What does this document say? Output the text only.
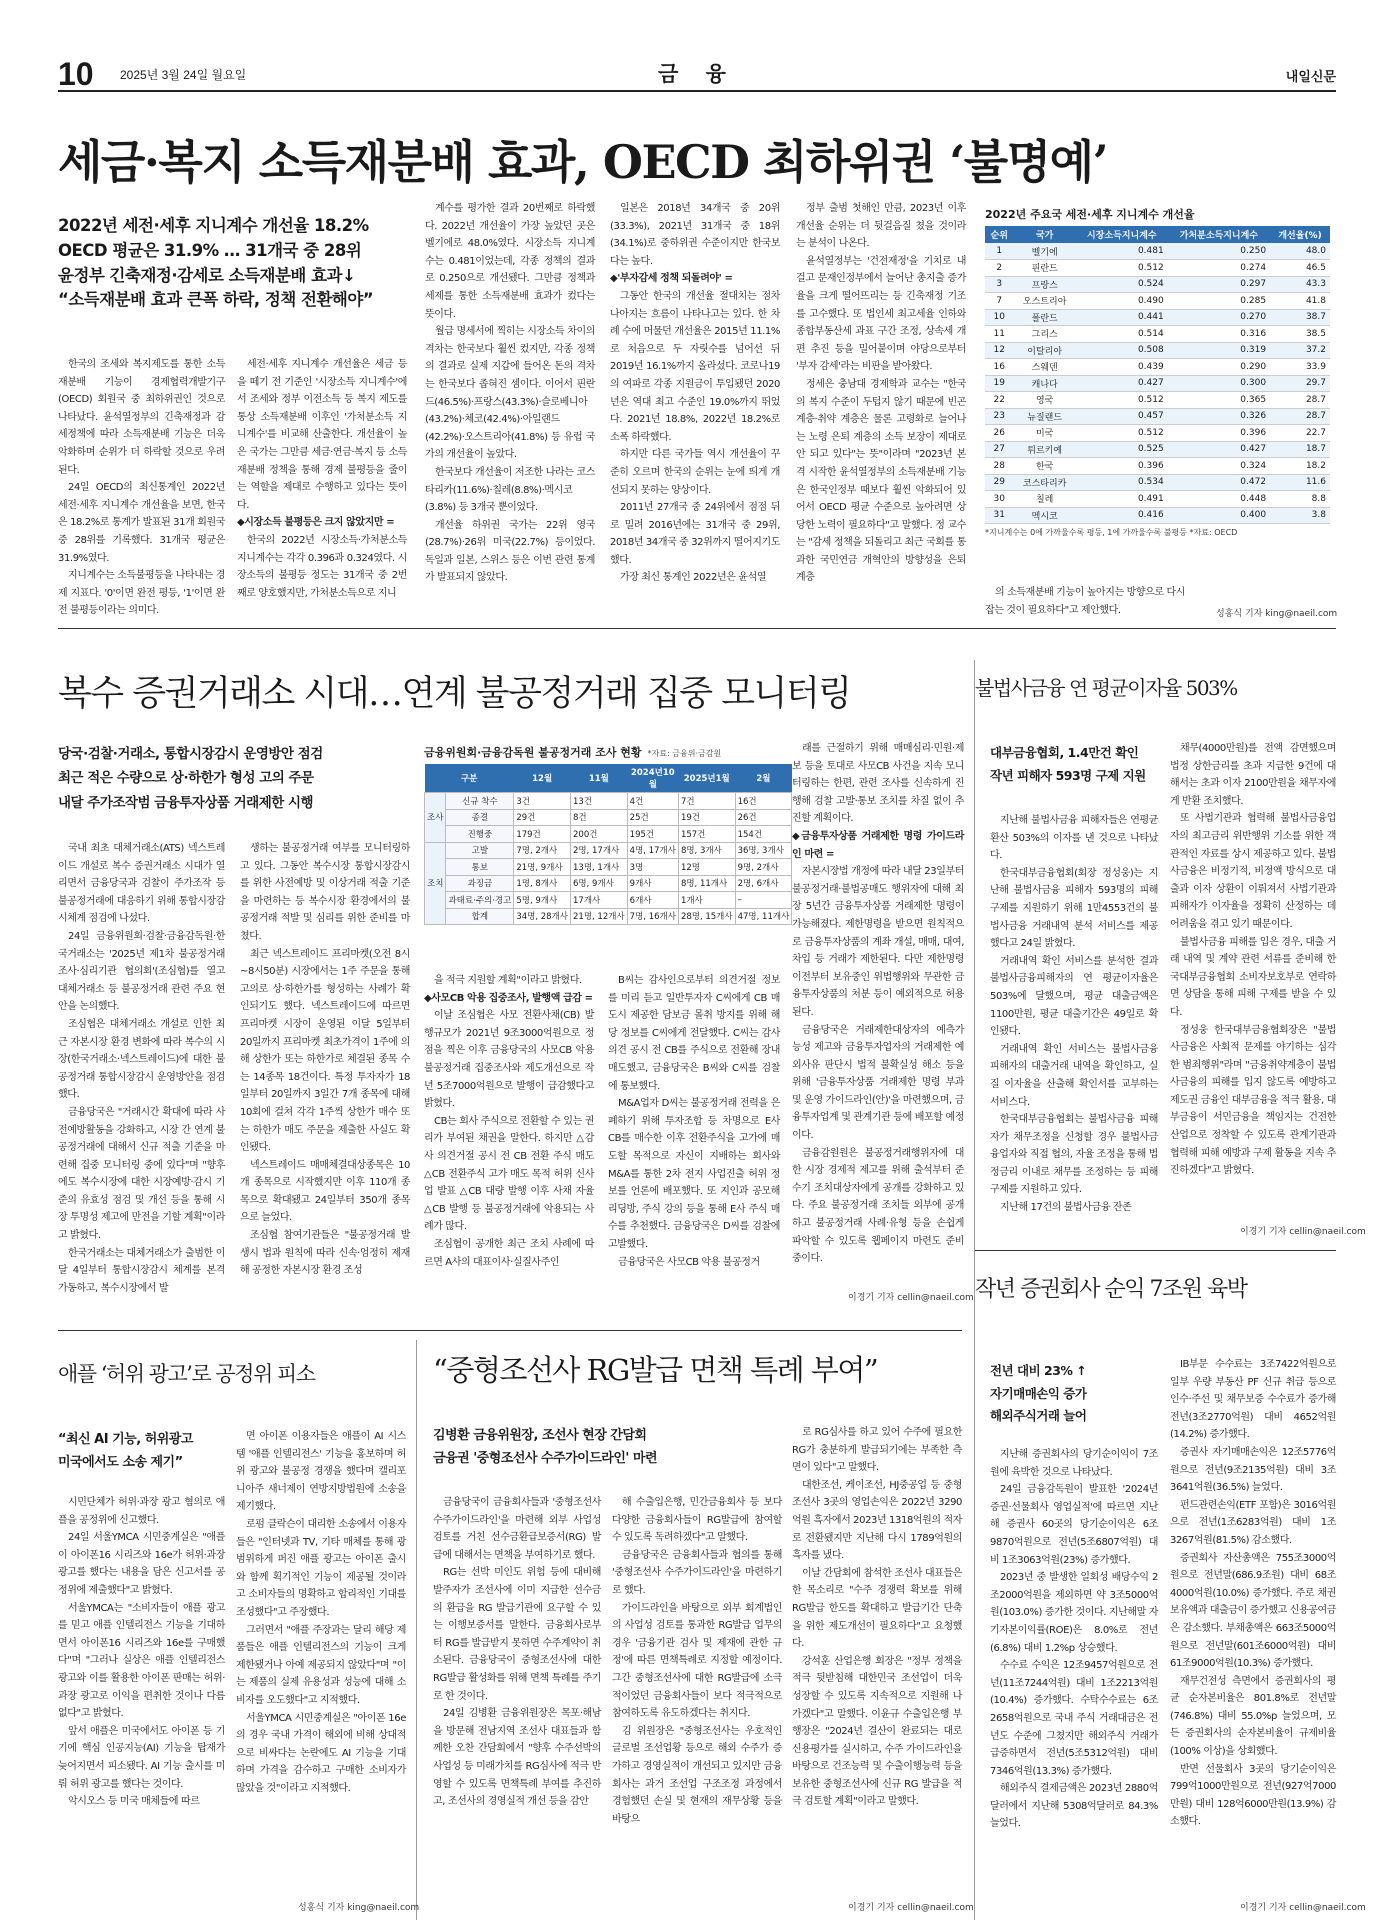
10 2025년 3월 24일 월요일	금 융	내일신문
세금·복지 소득재분배 효과, OECD 최하위권 ‘불명예’
2022년 세전·세후 지니계수 개선율 18.2%
OECD 평균은 31.9% … 31개국 중 28위
윤정부 긴축재정·감세로 소득재분배 효과↓
“소득재분배 효과 큰폭 하락, 정책 전환해야”

한국의 조세와 복지제도를 통한 소득재분배 기능이 경제협력개발기구(OECD) 회원국 중 최하위권인 것으로 나타났다. 윤석열정부의 긴축재정과 감세정책에 따라 소득재분배 기능은 더욱 악화하며 순위가 더 하락할 것으로 우려된다.

24일 OECD의 최신통계인 2022년 세전·세후 지니계수 개선율을 보면, 한국은 18.2%로 통계가 발표된 31개 회원국 중 28위를 기록했다. 31개국 평균은 31.9%였다.

지니계수는 소득불평등을 나타내는 경제 지표다. '0'이면 완전 평등, '1'이면 완전 불평등이라는 의미다.

세전·세후 지니계수 개선율은 세금 등을 떼기 전 기준인 '시장소득 지니계수'에서 조세와 정부 이전소득 등 복지 제도를 통상 소득재분배 이후인 '가처분소득 지니계수'를 비교해 산출한다. 개선율이 높은 국가는 그만큼 세금·연금·복지 등 소득 재분배 정책을 통해 경제 불평등을 줄이는 역할을 제대로 수행하고 있다는 뜻이다.

◆시장소득 불평등은 크지 않았지만 =

한국의 2022년 시장소득·가처분소득 지니계수는 각각 0.396과 0.324였다. 시장소득의 불평등 정도는 31개국 중 2번째로 양호했지만, 가처분소득으로 지니

계수를 평가한 결과 20번째로 하락했다. 2022년 개선율이 가장 높았던 곳은 벨기에로 48.0%였다. 시장소득 지니계수는 0.481이었는데, 각종 정책의 결과로 0.250으로 개선됐다. 그만큼 정책과 세제를 통한 소득재분배 효과가 컸다는 뜻이다.

월급 명세서에 찍히는 시장소득 차이의 격차는 한국보다 훨씬 컸지만, 각종 정책의 결과로 실제 지갑에 들어온 돈의 격차는 한국보다 좁혀진 셈이다. 이어서 핀란드(46.5%)·프랑스(43.3%)·슬로베니아(43.2%)·체코(42.4%)·아일랜드(42.2%)·오스트리아(41.8%) 등 유럽 국가의 개선율이 높았다.

한국보다 개선율이 저조한 나라는 코스타리카(11.6%)·칠레(8.8%)·멕시코(3.8%) 등 3개국 뿐이었다.

개선율 하위권 국가는 22위 영국(28.7%)·26위 미국(22.7%) 등이었다. 독일과 일본, 스위스 등은 이번 관련 통계가 발표되지 않았다.

일본은 2018년 34개국 중 20위(33.3%), 2021년 31개국 중 18위(34.1%)로 중하위권 수준이지만 한국보다는 높다.

◆'부자감세 정책 되돌려야' =

그동안 한국의 개선율 절대치는 점차 나아지는 흐름이 나타나고는 있다. 한 차례 수에 머물던 개선율은 2015년 11.1%로 처음으로 두 자릿수를 넘어선 뒤 2019년 16.1%까지 올라섰다. 코로나19의 여파로 각종 지원금이 투입됐던 2020년은 역대 최고 수준인 19.0%까지 뛰었다. 2021년 18.8%, 2022년 18.2%로 소폭 하락했다.

하지만 다른 국가들 역시 개선율이 꾸준히 오르며 한국의 순위는 눈에 띄게 개선되지 못하는 양상이다.

2011년 27개국 중 24위에서 점점 뒤로 밀려 2016년에는 31개국 중 29위, 2018년 34개국 중 32위까지 떨어지기도 했다.

가장 최신 통계인 2022년은 윤석열

정부 출범 첫해인 만큼, 2023년 이후 개선율 순위는 더 뒷걸음질 쳤을 것이라는 분석이 나온다.

윤석열정부는 '건전재정'을 기치로 내걸고 문재인정부에서 늘어난 총지출 증가율을 크게 떨어뜨리는 등 긴축재정 기조를 고수했다. 또 법인세 최고세율 인하와 종합부동산세 과표 구간 조정, 상속세 개편 추진 등을 밀어붙이며 야당으로부터 '부자 감세'라는 비판을 받아왔다.

정세은 충남대 경제학과 교수는 "한국의 복지 수준이 두텁지 않기 때문에 빈곤 계층·취약 계층은 물론 고령화로 늘어나는 노령 은퇴 계층의 소득 보장이 제대로 안 되고 있다"는 뜻"이라며 "2023년 본격 시작한 윤석열정부의 소득재분배 기능은 한국인정부 때보다 훨씬 악화되어 있어서 OECD 평균 수준으로 높아려면 상당한 노력이 필요하다"고 말했다. 정 교수는 "감세 정책을 되돌리고 최근 국회를 통과한 국민연금 개혁안의 방향성을 은퇴 계층

2022년 주요국 세전·세후 지니계수 개선율
순위	국가	시장소득지니계수	가처분소득지니계수	개선율(%)
1	벨기에	0.481	0.250	48.0
2	핀란드	0.512	0.274	46.5
3	프랑스	0.524	0.297	43.3
7	오스트리아	0.490	0.285	41.8
10	폴란드	0.441	0.270	38.7
11	그리스	0.514	0.316	38.5
12	이탈리아	0.508	0.319	37.2
16	스웨덴	0.439	0.290	33.9
19	캐나다	0.427	0.300	29.7
22	영국	0.512	0.365	28.7
23	뉴질랜드	0.457	0.326	28.7
26	미국	0.512	0.396	22.7
27	튀르키예	0.525	0.427	18.7
28	한국	0.396	0.324	18.2
29	코스타리카	0.534	0.472	11.6
30	칠레	0.491	0.448	8.8
31	멕시코	0.416	0.400	3.8
*지니계수는 0에 가까울수록 평등, 1에 가까울수록 불평등 *자료: OECD

의 소득재분배 기능이 높아지는 방향으로 다시 잡는 것이 필요하다"고 제안했다.	성홍식 기자 king@naeil.com
복수 증권거래소 시대…연계 불공정거래 집중 모니터링
당국·검찰·거래소, 통합시장감시 운영방안 점검
최근 적은 수량으로 상·하한가 형성 고의 주문
내달 주가조작범 금융투자상품 거래제한 시행

국내 최초 대체거래소(ATS) 넥스트레이드 개설로 복수 증권거래소 시대가 열리면서 금융당국과 검찰이 주가조작 등 불공정거래에 대응하기 위해 통합시장감시체계 점검에 나섰다.

24일 금융위원회·검찰·금융감독원·한국거래소는 '2025년 제1차 불공정거래 조사·심리기관 협의회'(조심협)를 열고 대체거래소 등 불공정거래 관련 주요 현안을 논의했다.

조심협은 대체거래소 개설로 인한 최근 자본시장 환경 변화에 따라 복수의 시장(한국거래소·넥스트레이드)에 대한 불공정거래 통합시장감시 운영방안을 점검했다.

금융당국은 "거래시간 확대에 따라 사전예방활동을 강화하고, 시장 간 연계 불공정거래에 대해서 신규 적출 기준을 마련해 집중 모니터링 중에 있다"며 "향후에도 복수시장에 대한 시장예방·감시 기준의 유효성 점검 및 개선 등을 통해 시장 투명성 제고에 만전을 기할 계획"이라고 밝혔다.

한국거래소는 대체거래소가 출범한 이달 4일부터 통합시장감시 체계를 본격 가동하고, 복수시장에서 발

생하는 불공정거래 여부를 모니터링하고 있다. 그동안 복수시장 통합시장감시를 위한 사전예방 및 이상거래 적출 기준을 마련하는 등 복수시장 환경에서의 불공정거래 적발 및 심리를 위한 준비를 마쳤다.

최근 넥스트레이드 프리마켓(오전 8시~8시50분) 시장에서는 1주 주문을 통해 고의로 상·하한가를 형성하는 사례가 확인되기도 했다. 넥스트레이드에 따르면 프리마켓 시장이 운영된 이달 5일부터 20일까지 프리마켓 최초가격이 1주에 의해 상한가 또는 하한가로 체결된 종목 수는 14종목 18건이다. 특정 투자자가 18일부터 20일까지 3일간 7개 종목에 대해 10회에 걸쳐 각각 1주씩 상한가 매수 또는 하한가 매도 주문을 제출한 사실도 확인됐다.

넥스트레이드 매매체결대상종목은 10개 종목으로 시작했지만 이후 110개 종목으로 확대됐고 24일부터 350개 종목으로 늘었다.

조심협 참여기관들은 "불공정거래 발생시 법과 원칙에 따라 신속·엄정히 제재해 공정한 자본시장 환경 조성

금융위원회·금융감독원 불공정거래 조사 현황 *자료: 금융위·금감원
구분		12월	11월	2024년10월	2025년1월	2월
조사	신규 착수	3건	13건	4건	7건	16건
	종결	29건	8건	25건	19건	26건
	진행중	179건	200건	195건	157건	154건
조치	고발	7명, 2개사	2명, 17개사	4명, 17개사	8명, 3개사	36명, 3개사
	통보	21명, 9개사	13명, 1개사	3명	12명	9명, 2개사
	과징금	1명, 8개사	6명, 9개사	9개사	8명, 11개사	2명, 6개사
	과태료·주의·경고	5명, 9개사	17개사	6개사	1개사	–
	합계	34명, 28개사	21명, 12개사	7명, 16개사	28명, 15개사	47명, 11개사

을 적극 지원할 계획"이라고 밝혔다.

◆사모CB 악용 집중조사, 발행액 급감 =

이날 조심협은 사모 전환사채(CB) 발행규모가 2021년 9조3000억원으로 정점을 찍은 이후 금융당국의 사모CB 악용 불공정거래 집중조사와 제도개선으로 작년 5조7000억원으로 발행이 급감했다고 밝혔다.

CB는 회사 주식으로 전환할 수 있는 권리가 부여된 채권을 말한다. 하지만 △감사 의견거절 공시 전 CB 전환 주식 매도 △CB 전환주식 고가 매도 목적 허위 신사업 발표 △CB 대량 발행 이후 사채 자율 △CB 발행 등 불공정거래에 악용되는 사례가 많다.

조심협이 공개한 최근 조치 사례에 따르면 A사의 대표이사·실질사주인

B씨는 감사인으로부터 의견거절 정보를 미리 듣고 일반투자자 C씨에게 CB 매도시 제공한 담보금 몰취 방지를 위해 해당 정보를 C씨에게 전달했다. C씨는 감사의견 공시 전 CB를 주식으로 전환해 장내 매도했고, 금융당국은 B씨와 C씨를 검찰에 통보했다.

M&A업자 D씨는 불공정거래 전력을 은폐하기 위해 투자조합 등 차명으로 E사 CB를 매수한 이후 전환주식을 고가에 매도할 목적으로 자신이 지배하는 회사와 M&A를 통한 2차 전지 사업진출 허위 정보를 언론에 배포했다. 또 지인과 공모해 리딩방, 주식 강의 등을 통해 E사 주식 매수를 추천했다. 금융당국은 D씨를 검찰에 고발했다.

금융당국은 사모CB 악용 불공정거

래를 근절하기 위해 매매심리·민원·제보 등을 토대로 사모CB 사건을 지속 모니터링하는 한편, 관련 조사를 신속하게 진행해 검찰 고발·통보 조치를 차질 없이 추진할 계획이다.

◆금융투자상품 거래제한 명령 가이드라인 마련 =

자본시장법 개정에 따라 내달 23일부터 불공정거래·불법공매도 행위자에 대해 최장 5년간 금융투자상품 거래제한 명령이 가능해졌다. 제한명령을 받으면 원칙적으로 금융투자상품의 계좌 개설, 매매, 대여, 차입 등 거래가 제한된다. 다만 제한명령 이전부터 보유중인 위법행위와 무관한 금융투자상품의 처분 등이 예외적으로 허용된다.

금융당국은 거래제한대상자의 예측가능성 제고와 금융투자업자의 거래제한 예외사유 판단시 법적 불확실성 해소 등을 위해 '금융투자상품 거래제한 명령 부과 및 운영 가이드라인(안)'을 마련했으며, 금융투자업계 및 관계기관 등에 배포할 예정이다.

금융감원원은 불공정거래행위자에 대한 시장 경제적 제고를 위해 출석부터 준수기 조치대상자에게 공개를 강화하고 있다. 주요 불공정거래 조치들 외부에 공개하고 불공정거래 사례·유형 등을 손쉽게 파악할 수 있도록 웹페이지 마련도 준비 중이다.

이경기 기자 cellin@naeil.com
불법사금융 연 평균이자율 503%
대부금융협회, 1.4만건 확인
작년 피해자 593명 구제 지원

지난해 불법사금융 피해자들은 연평균 환산 503%의 이자를 낸 것으로 나타났다.

한국대부금융협회(회장 정성웅)는 지난해 불법사금융 피해자 593명의 피해 구제를 지원하기 위해 1만4553건의 불법사금융 거래내역 분석 서비스를 제공했다고 24일 밝혔다.

거래내역 확인 서비스를 분석한 결과 불법사금융피해자의 연 평균이자율은 503%에 달했으며, 평균 대출금액은 1100만원, 평균 대출기간은 49일로 확인됐다.

거래내역 확인 서비스는 불법사금융 피해자의 대출거래 내역을 확인하고, 실질 이자율을 산출해 확인서를 교부하는 서비스다.

한국대부금융협회는 불법사금융 피해자가 채무조정을 신청할 경우 불법사금융업자와 직접 협의, 자율 조정을 통해 법정금리 이내로 채무를 조정하는 등 피해 구제를 지원하고 있다.

지난해 17건의 불법사금융 잔존

채무(4000만원)를 전액 감면했으며 법정 상한금리를 초과 지급한 9건에 대해서는 초과 이자 2100만원을 채무자에게 반환 조치했다.

또 사법기관과 협력해 불법사금융업자의 최고금리 위반행위 기소를 위한 객관적인 자료를 상시 제공하고 있다. 불법사금융은 비정기적, 비정액 방식으로 대출과 이자 상환이 이뤄져서 사법기관과 피해자가 이자율을 정확히 산정하는 데 어려움을 겪고 있기 때문이다.

불법사금융 피해를 입은 경우, 대출 거래 내역 및 계약 관련 서류를 준비해 한국대부금융협회 소비자보호부로 연락하면 상담을 통해 피해 구제를 받을 수 있다.

정성웅 한국대부금융협회장은 "불법사금융은 사회적 문제를 야기하는 심각한 범죄행위"라며 "금융취약계층이 불법사금융의 피해를 입지 않도록 예방하고 제도권 금융인 대부금융을 적극 활용, 대부금융이 서민금융을 책임지는 건전한 산업으로 정착할 수 있도록 관계기관과 협력해 피해 예방과 구제 활동을 지속 추진하겠다"고 밝혔다.

이경기 기자 cellin@naeil.com
작년 증권회사 순익 7조원 육박
전년 대비 23% ↑
자기매매손익 증가
해외주식거래 늘어

지난해 증권회사의 당기순이익이 7조원에 육박한 것으로 나타났다.

24일 금융감독원이 발표한 '2024년 증권·선물회사 영업실적'에 따르면 지난해 증권사 60곳의 당기순이익은 6조9870억원으로 전년(5조6807억원) 대비 1조3063억원(23%) 증가했다.

2023년 중 발생한 일회성 배당수익 2조2000억원을 제외하면 약 3조5000억원(103.0%) 증가한 것이다. 지난해말 자기자본이익률(ROE)은 8.0%로 전년(6.8%) 대비 1.2%p 상승했다.

수수료 수익은 12조9457억원으로 전년(11조7244억원) 대비 1조2213억원(10.4%) 증가했다. 수탁수수료는 6조2658억원으로 국내 주식 거래대금은 전년도 수준에 그쳤지만 해외주식 거래가 급증하면서 전년(5조5312억원) 대비 7346억원(13.3%) 증가했다.

해외주식 결제금액은 2023년 2880억달러에서 지난해 5308억달러로 84.3% 늘었다.

IB부문 수수료는 3조7422억원으로 일부 우량 부동산 PF 신규 취급 등으로 인수·주선 및 채무보증 수수료가 증가해 전년(3조2770억원) 대비 4652억원(14.2%) 증가했다.

증권사 자기매매손익은 12조5776억원으로 전년(9조2135억원) 대비 3조3641억원(36.5%) 늘었다.

펀드관련손익(ETF 포함)은 3016억원으로 전년(1조6283억원) 대비 1조3267억원(81.5%) 감소했다.

증권회사 자산총액은 755조3000억원으로 전년말(686.9조원) 대비 68조4000억원(10.0%) 증가했다. 주로 채권 보유액과 대출금이 증가했고 신용공여금은 감소했다. 부채총액은 663조5000억원으로 전년말(601조6000억원) 대비 61조9000억원(10.3%) 증가했다.

재무건전성 측면에서 증권회사의 평균 순자본비율은 801.8%로 전년말(746.8%) 대비 55.0%p 늘었으며, 모든 증권회사의 순자본비율이 규제비율(100% 이상)을 상회했다.

반면 선물회사 3곳의 당기순이익은 799억1000만원으로 전년(927억7000만원) 대비 128억6000만원(13.9%) 감소했다.

이경기 기자 cellin@naeil.com
애플 ‘허위 광고’로 공정위 피소
“최신 AI 기능, 허위광고
미국에서도 소송 제기”

시민단체가 허위·과장 광고 혐의로 애플을 공정위에 신고했다.

24일 서울YMCA 시민중계실은 "애플이 아이폰16 시리즈와 16e가 허위·과장 광고를 했다는 내용을 담은 신고서를 공정위에 제출했다"고 밝혔다.

서울YMCA는 "소비자들이 애플 광고를 믿고 애플 인텔리전스 기능을 기대하면서 아이폰16 시리즈와 16e를 구매했다"며 "그러나 실상은 애플 인텔리전스 광고와 이를 활용한 아이폰 판매는 허위·과장 광고로 이익을 편취한 것이나 다름없다"고 밝혔다.

앞서 애플은 미국에서도 아이폰 등 기기에 핵심 인공지능(AI) 기능을 탑재가 늦어지면서 피소됐다. AI 기능 출시를 미뤄 허위 광고를 했다는 것이다.

악시오스 등 미국 매체들에 따르

면 아이폰 이용자들은 애플이 AI 시스템 '애플 인텔리전스' 기능을 홍보하며 허위 광고와 불공정 경쟁을 했다며 캘리포니아주 새너제이 연방지방법원에 소송을 제기했다.

로펌 클락슨이 대리한 소송에서 이용자들은 "인터넷과 TV, 기타 매체를 통해 광범위하게 퍼진 애플 광고는 아이폰 출시와 함께 획기적인 기능이 제공될 것이라고 소비자들의 명확하고 합리적인 기대를 조성했다"고 주장했다.

그러면서 "애플 주장과는 달리 해당 제품들은 애플 인텔리전스의 기능이 크게 제한됐거나 아예 제공되지 않았다"며 "이는 제품의 실제 유용성과 성능에 대해 소비자를 오도했다"고 지적했다.

서울YMCA 시민중계실은 "아이폰 16e의 경우 국내 가격이 해외에 비해 상대적으로 비싸다는 논란에도 AI 기능을 기대하며 가격을 감수하고 구매한 소비자가 많았을 것"이라고 지적했다.

성홍식 기자 king@naeil.com
“중형조선사 RG발급 면책 특례 부여”
김병환 금융위원장, 조선사 현장 간담회
금융권 '중형조선사 수주가이드라인' 마련

금융당국이 금융회사들과 '중형조선사 수주가이드라인'을 마련해 외부 사업성 검토를 거친 선수금환급보증서(RG) 발급에 대해서는 면책을 부여하기로 했다.

RG는 선박 미인도 위험 등에 대비해 발주자가 조선사에 이미 지급한 선수금의 환급을 RG 발급기관에 요구할 수 있는 이행보증서를 말한다. 금융회사로부터 RG를 발급받지 못하면 수주계약이 취소된다. 금융당국이 중형조선사에 대한 RG발급 활성화를 위해 면책 특례를 주기로 한 것이다.

24일 김병환 금융위원장은 목포·해남을 방문해 전남지역 조선사 대표들과 함께한 오찬 간담회에서 "향후 수주선박의 사업성 등 미래가치를 RG심사에 적극 반영할 수 있도록 면책특례 부여를 추진하고, 조선사의 경영실적 개선 등을 감안

해 수출입은행, 민간금융회사 등 보다 다양한 금융회사들이 RG발급에 참여할 수 있도록 독려하겠다"고 말했다.

금융당국은 금융회사들과 협의를 통해 '중형조선사 수주가이드라인'을 마련하기로 했다.

가이드라인을 바탕으로 외부 회계법인의 사업성 검토를 통과한 RG발급 업무의 경우 '금융기관 검사 및 제재에 관한 규정'에 따른 면책특례로 지정할 예정이다. 그간 중형조선사에 대한 RG발급에 소극적이었던 금융회사들이 보다 적극적으로 참여하도록 유도하겠다는 취지다.

김 위원장은 "중형조선사는 우호적인 글로벌 조선업황 등으로 해외 수주가 증가하고 경영실적이 개선되고 있지만 금융회사는 과거 조선업 구조조정 과정에서 경험했던 손실 및 현재의 재무상황 등을 바탕으

로 RG심사를 하고 있어 수주에 필요한 RG가 충분하게 발급되기에는 부족한 측면이 있다"고 말했다.

대한조선, 케이조선, HJ중공업 등 중형조선사 3곳의 영업손익은 2022년 3290억원 흑자에서 2023년 1318억원의 적자로 전환됐지만 지난해 다시 1789억원의 흑자를 냈다.

이날 간담회에 참석한 조선사 대표들은 한 목소리로 "수주 경쟁력 확보를 위해 RG발급 한도를 확대하고 발급기간 단축을 위한 제도개선이 필요하다"고 요청했다.

강석훈 산업은행 회장은 "정부 정책을 적극 뒷받침해 대한민국 조선업이 더욱 성장할 수 있도록 지속적으로 지원해 나가겠다"고 말했다. 이윤규 수출입은행 부행장은 "2024년 결산이 완료되는 대로 신용평가를 실시하고, 수주 가이드라인을 바탕으로 건조능력 및 수출이행능력 등을 보유한 중형조선사에 신규 RG 발급을 적극 검토할 계획"이라고 말했다.

이경기 기자 cellin@naeil.com
